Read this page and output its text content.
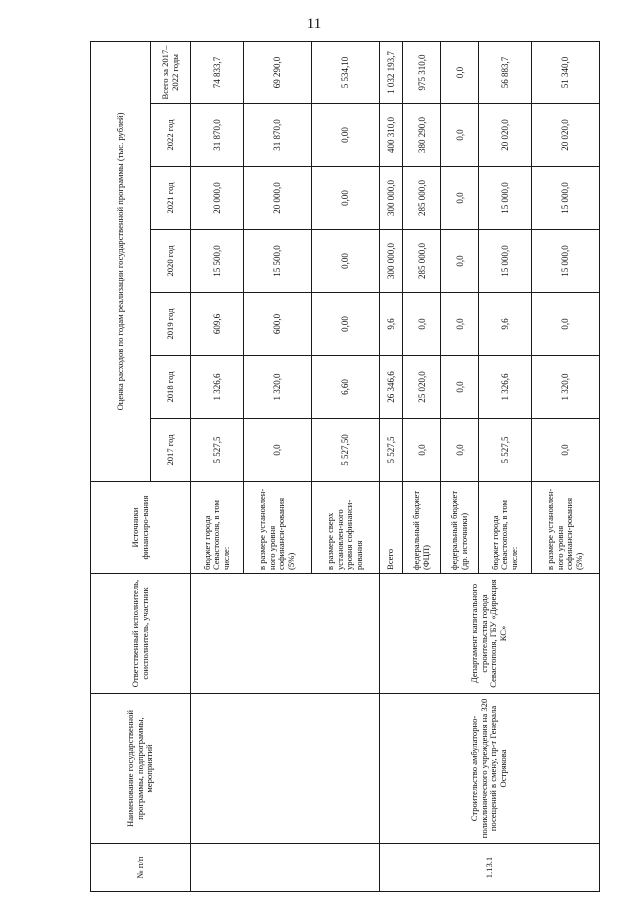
11
№ п/п	Наименование государственной программы, подпрограммы, мероприятий	Ответственный исполнитель, соисполнитель, участник	Источники финансиро-вания	Оценка расходов по годам реализации государственной программы (тыс. рублей)						
				2017 год	2018 год	2019 год	2020 год	2021 год	2022 год	Всего за 2017–2022 годы
			бюджет города Севастополя, в том числе:	5 527,5	1 326,6	609,6	15 500,0	20 000,0	31 870,0	74 833,7
			в размере установлен-ного уровня софинанси-рования (5%)	0,0	1 320,0	600,0	15 500,0	20 000,0	31 870,0	69 290,0
			в размере сверх установлен-ного уровня софинанси-рования	5 527,50	6,60	0,00	0,00	0,00	0,00	5 534,10
1.13.1	Строительство амбулаторно-поликлинического учреждения на 320 посещений в смену, пр-т Генерала Острякова	Департамент капитального строительства города Севастополя, ГБУ «Дирекция КС»	Всего	5 527,5	26 346,6	9,6	300 000,0	300 000,0	400 310,0	1 032 193,7
			федеральный бюджет (ФЦП)	0,0	25 020,0	0,0	285 000,0	285 000,0	380 290,0	975 310,0
			федеральный бюджет (др. источники)	0,0	0,0	0,0	0,0	0,0	0,0	0,0
			бюджет города Севастополя, в том числе:	5 527,5	1 326,6	9,6	15 000,0	15 000,0	20 020,0	56 883,7
			в размере установлен-ного уровня софинанси-рования (5%)	0,0	1 320,0	0,0	15 000,0	15 000,0	20 020,0	51 340,0
